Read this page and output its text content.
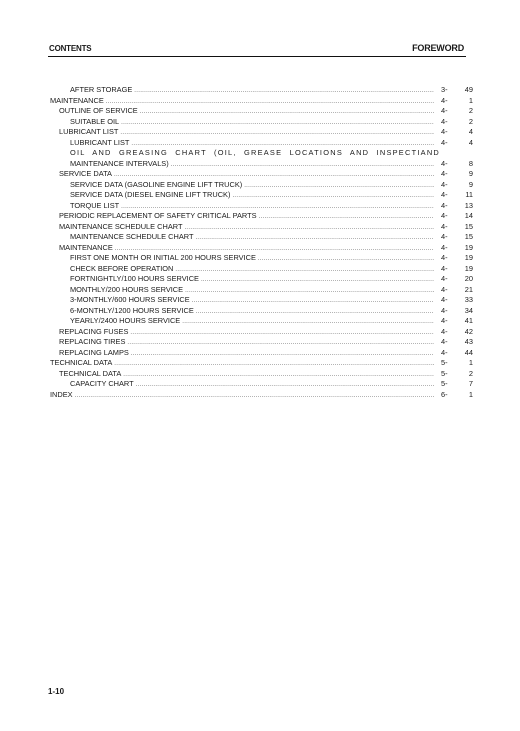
CONTENTS	FOREWORD
AFTER STORAGE .....	3- 49
MAINTENANCE .....	4-	1
OUTLINE OF SERVICE .....	4-	2
SUITABLE OIL .....	4-	2
LUBRICANT LIST .....	4-	4
LUBRICANT LIST .....	4-	4
OIL AND GREASING CHART (OIL, GREASE LOCATIONS AND INSPECTIAND
MAINTENANCE INTERVALS) .....	4-	8
SERVICE DATA .....	4-	9
SERVICE DATA (GASOLINE ENGINE LIFT TRUCK) .....	4-	9
SERVICE DATA (DIESEL ENGINE LIFT TRUCK) .....	4- 11
TORQUE LIST .....	4- 13
PERIODIC REPLACEMENT OF SAFETY CRITICAL PARTS .....	4- 14
MAINTENANCE SCHEDULE CHART .....	4- 15
MAINTENANCE SCHEDULE CHART .....	4- 15
MAINTENANCE .....	4- 19
FIRST ONE MONTH OR INITIAL 200 HOURS SERVICE .....	4- 19
CHECK BEFORE OPERATION .....	4- 19
FORTNIGHTLY/100 HOURS SERVICE .....	4- 20
MONTHLY/200 HOURS SERVICE .....	4- 21
3-MONTHLY/600 HOURS SERVICE .....	4- 33
6-MONTHLY/1200 HOURS SERVICE .....	4- 34
YEARLY/2400 HOURS SERVICE .....	4- 41
REPLACING FUSES .....	4- 42
REPLACING TIRES .....	4- 43
REPLACING LAMPS .....	4- 44
TECHNICAL DATA .....	5-	1
TECHNICAL DATA .....	5-	2
CAPACITY CHART .....	5-	7
INDEX .....	6-	1
1-10
